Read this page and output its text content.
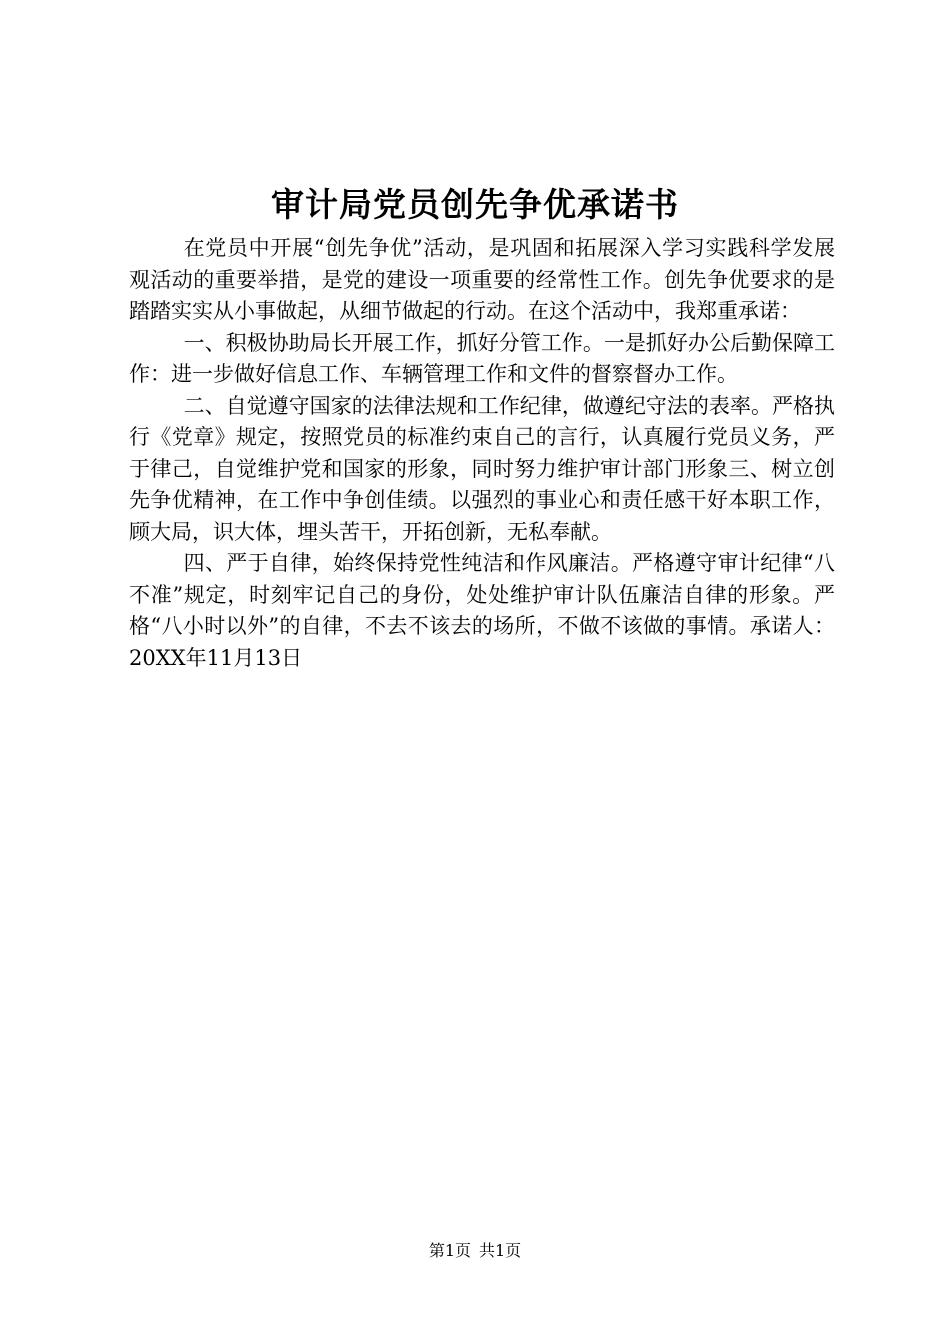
审计局党员创先争优承诺书

在党员中开展“创先争优”活动，是巩固和拓展深入学习实践科学发展观活动的重要举措，是党的建设一项重要的经常性工作。创先争优要求的是踏踏实实从小事做起，从细节做起的行动。在这个活动中，我郑重承诺：

一、积极协助局长开展工作，抓好分管工作。一是抓好办公后勤保障工作：进一步做好信息工作、车辆管理工作和文件的督察督办工作。

二、自觉遵守国家的法律法规和工作纪律，做遵纪守法的表率。严格执行《党章》规定，按照党员的标准约束自己的言行，认真履行党员义务，严于律己，自觉维护党和国家的形象，同时努力维护审计部门形象三、树立创先争优精神，在工作中争创佳绩。以强烈的事业心和责任感干好本职工作，顾大局，识大体，埋头苦干，开拓创新，无私奉献。

四、严于自律，始终保持党性纯洁和作风廉洁。严格遵守审计纪律“八不准”规定，时刻牢记自己的身份，处处维护审计队伍廉洁自律的形象。严格“八小时以外”的自律，不去不该去的场所，不做不该做的事情。承诺人：20XX年11月13日

第1页 共1页
